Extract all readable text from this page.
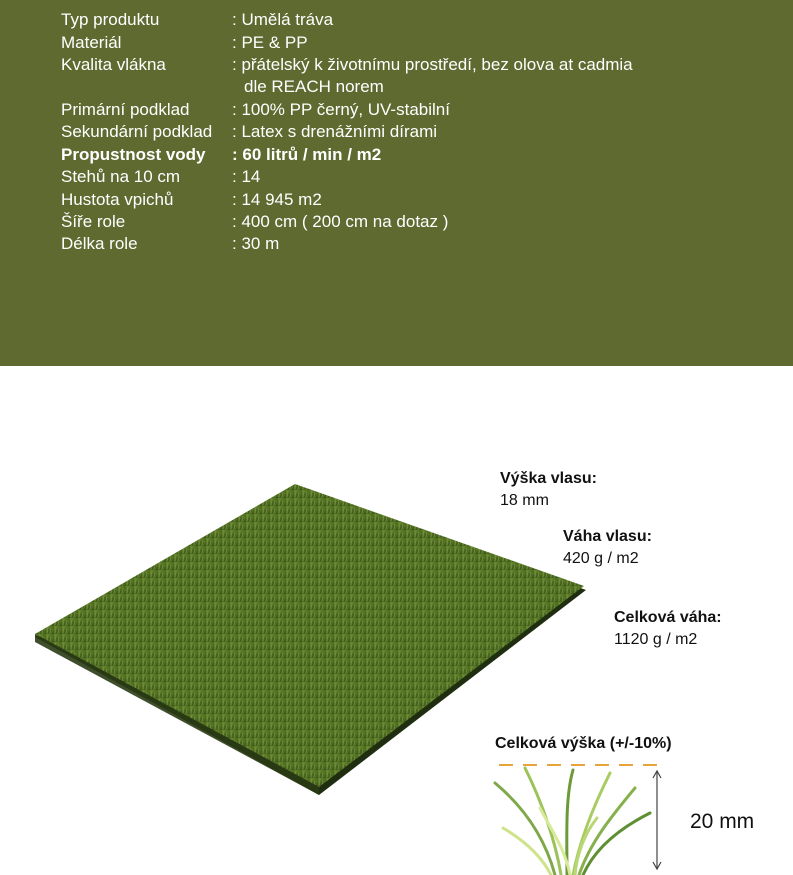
Typ produktu	: Umělá tráva
Materiál	: PE & PP
Kvalita vlákna	: přátelský k životnímu prostředí, bez olova at cadmia
dle REACH norem
Primární podklad : 100% PP černý, UV-stabilní
Sekundární podklad : Latex s drenážními dírami
Propustnost vody : 60 litrů / min / m2
Stehů na 10 cm	: 14
Hustota vpichů	: 14 945 m2
Šíře role	: 400 cm ( 200 cm na dotaz )
Délka role	: 30 m
Výška vlasu:
18 mm
Váha vlasu:
420 g / m2
Celková váha:
1120 g / m2
Celková výška (+/-10%)
20 mm
